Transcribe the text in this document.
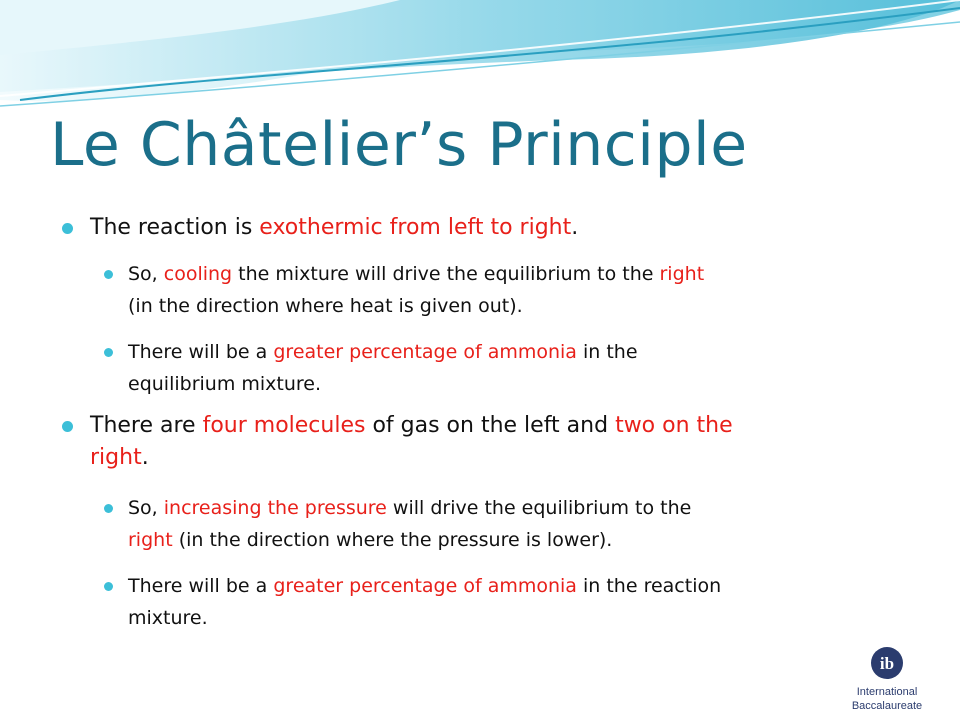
Le Châtelier’s Principle
The reaction is exothermic from left to right.
So, cooling the mixture will drive the equilibrium to the right
(in the direction where heat is given out).
There will be a greater percentage of ammonia in the
equilibrium mixture.
There are four molecules of gas on the left and two on the
right.
So, increasing the pressure will drive the equilibrium to the
right (in the direction where the pressure is lower).
There will be a greater percentage of ammonia in the reaction
mixture.
ib
International
Baccalaureate
